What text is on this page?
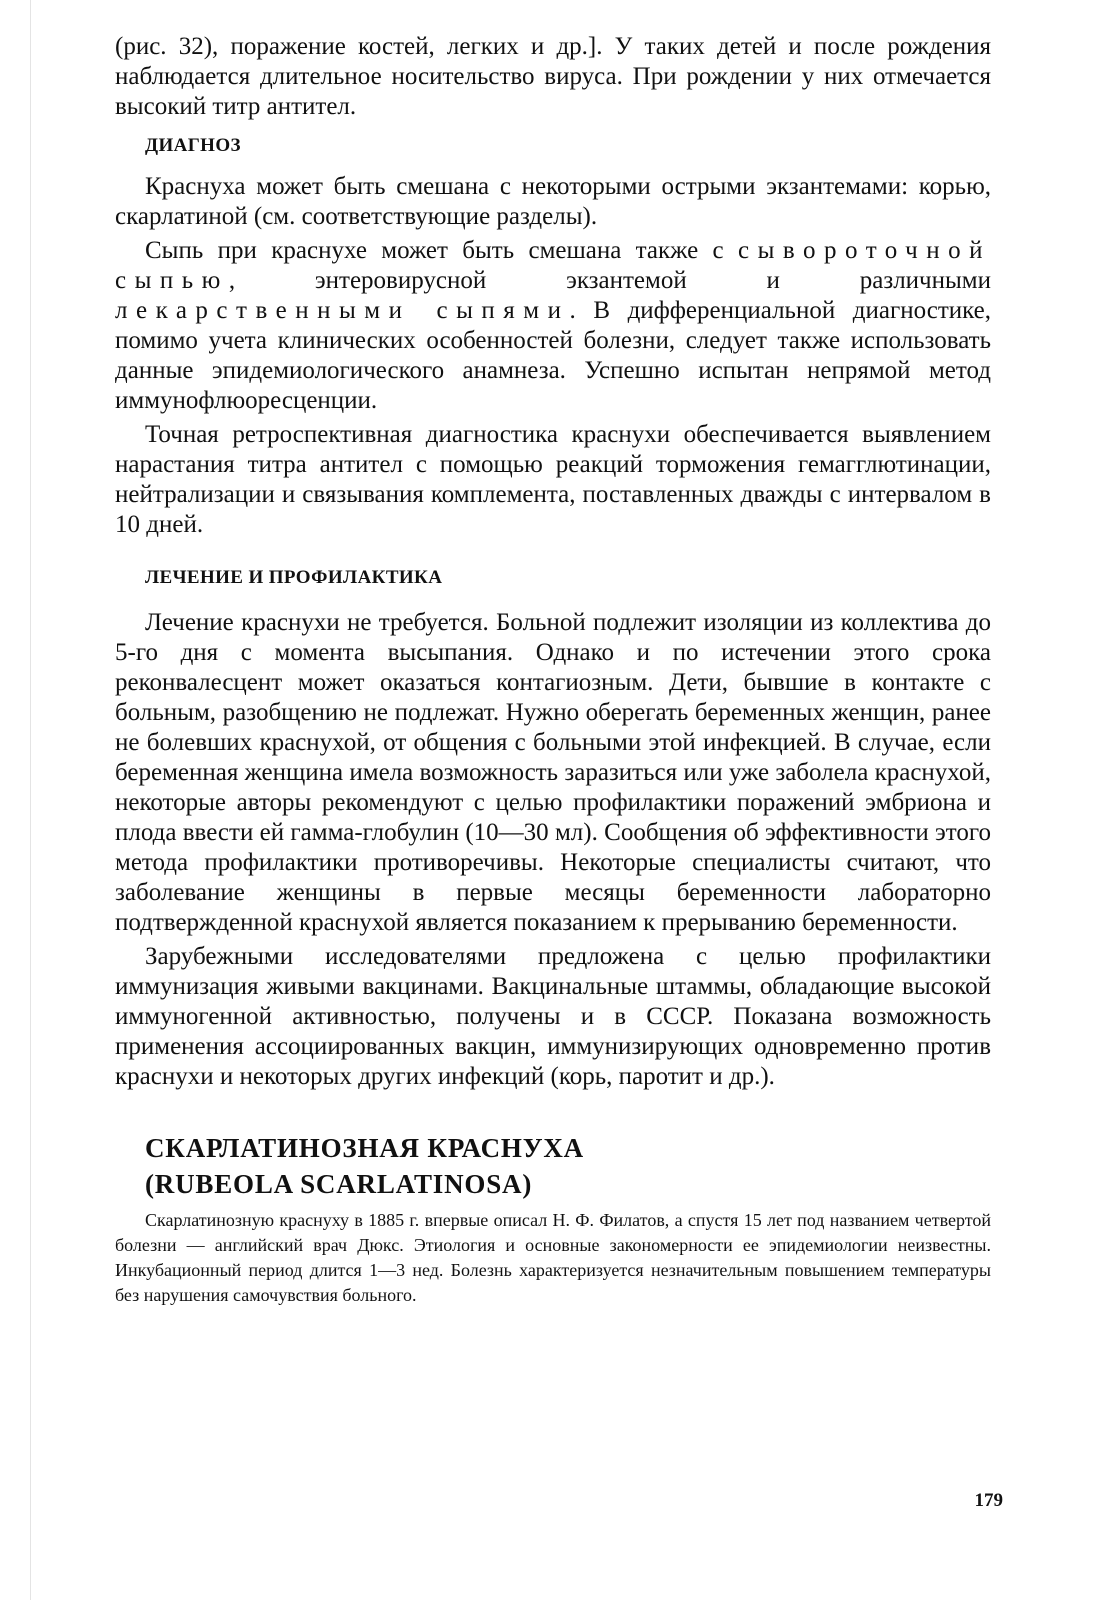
(рис. 32), поражение костей, легких и др.]. У таких детей и после рождения наблюдается длительное носительство вируса. При рождении у них отмечается высокий титр антител.

ДИАГНОЗ

Краснуха может быть смешана с некоторыми острыми экзантемами: корью, скарлатиной (см. соответствующие разделы).

Сыпь при краснухе может быть смешана также с сывороточной сыпью, энтеровирусной экзантемой и различными лекарственными сыпями. В дифференциальной диагностике, помимо учета клинических особенностей болезни, следует также использовать данные эпидемиологического анамнеза. Успешно испытан непрямой метод иммунофлюоресценции.

Точная ретроспективная диагностика краснухи обеспечивается выявлением нарастания титра антител с помощью реакций торможения гемагглютинации, нейтрализации и связывания комплемента, поставленных дважды с интервалом в 10 дней.

ЛЕЧЕНИЕ И ПРОФИЛАКТИКА

Лечение краснухи не требуется. Больной подлежит изоляции из коллектива до 5-го дня с момента высыпания. Однако и по истечении этого срока реконвалесцент может оказаться контагиозным. Дети, бывшие в контакте с больным, разобщению не подлежат. Нужно оберегать беременных женщин, ранее не болевших краснухой, от общения с больными этой инфекцией. В случае, если беременная женщина имела возможность заразиться или уже заболела краснухой, некоторые авторы рекомендуют с целью профилактики поражений эмбриона и плода ввести ей гамма-глобулин (10—30 мл). Сообщения об эффективности этого метода профилактики противоречивы. Некоторые специалисты считают, что заболевание женщины в первые месяцы беременности лабораторно подтвержденной краснухой является показанием к прерыванию беременности.

Зарубежными исследователями предложена с целью профилактики иммунизация живыми вакцинами. Вакцинальные штаммы, обладающие высокой иммуногенной активностью, получены и в СССР. Показана возможность применения ассоциированных вакцин, иммунизирующих одновременно против краснухи и некоторых других инфекций (корь, паротит и др.).

СКАРЛАТИНОЗНАЯ КРАСНУХА
(RUBEOLA SCARLATINOSA)

Скарлатинозную краснуху в 1885 г. впервые описал Н. Ф. Филатов, а спустя 15 лет под названием четвертой болезни — английский врач Дюкс. Этиология и основные закономерности ее эпидемиологии неизвестны. Инкубационный период длится 1—3 нед. Болезнь характеризуется незначительным повышением температуры без нарушения самочувствия больного.

179
